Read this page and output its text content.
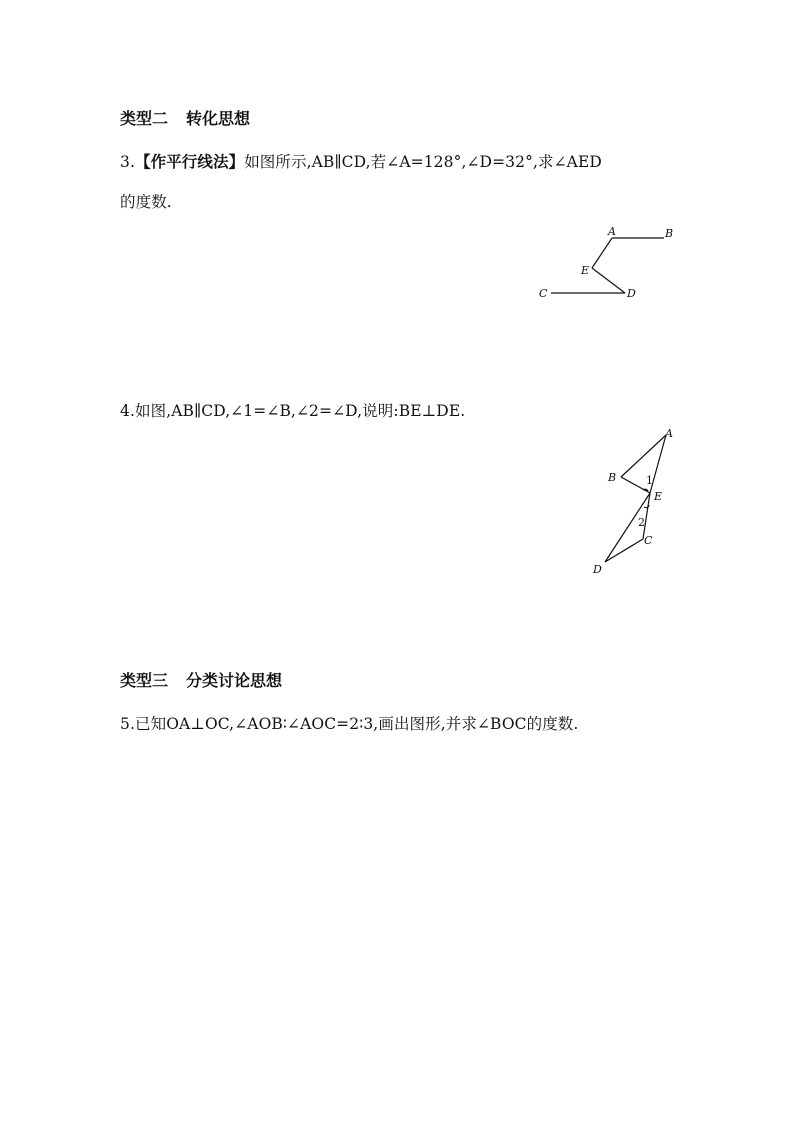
类型二 转化思想
3.【作平行线法】如图所示,AB∥CD,若∠A=128°,∠D=32°,求∠AED
的度数.
A	B
E
C	D
4.如图,AB∥CD,∠1=∠B,∠2=∠D,说明:BE⊥DE.
A
B
E
C
D
1
2
类型三 分类讨论思想
5.已知OA⊥OC,∠AOB∶∠AOC=2∶3,画出图形,并求∠BOC的度数.
